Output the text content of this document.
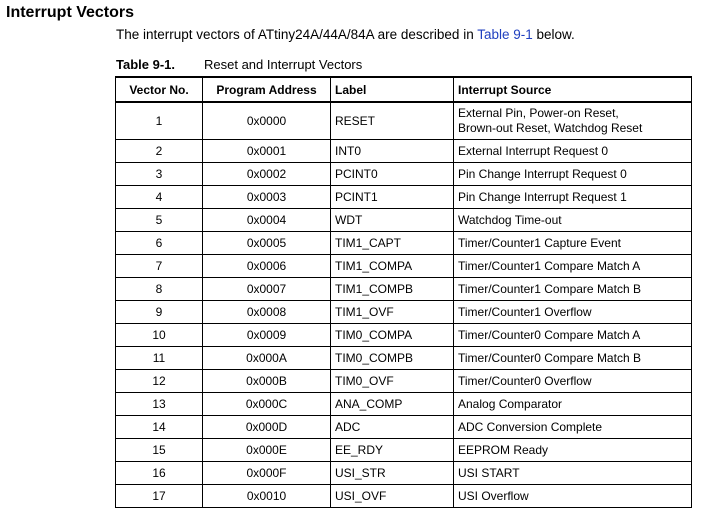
Interrupt Vectors
The interrupt vectors of ATtiny24A/44A/84A are described in Table 9-1 below.
Table 9-1. Reset and Interrupt Vectors
Vector No.	Program Address	Label	Interrupt Source
1	0x0000	RESET	External Pin, Power-on Reset,
Brown-out Reset, Watchdog Reset

2	0x0001	INT0	External Interrupt Request 0

3	0x0002	PCINT0	Pin Change Interrupt Request 0

4	0x0003	PCINT1	Pin Change Interrupt Request 1

5	0x0004	WDT	Watchdog Time-out

6	0x0005	TIM1_CAPT	Timer/Counter1 Capture Event

7	0x0006	TIM1_COMPA	Timer/Counter1 Compare Match A

8	0x0007	TIM1_COMPB	Timer/Counter1 Compare Match B

9	0x0008	TIM1_OVF	Timer/Counter1 Overflow

10	0x0009	TIM0_COMPA	Timer/Counter0 Compare Match A

11	0x000A	TIM0_COMPB	Timer/Counter0 Compare Match B

12	0x000B	TIM0_OVF	Timer/Counter0 Overflow

13	0x000C	ANA_COMP	Analog Comparator

14	0x000D	ADC	ADC Conversion Complete

15	0x000E	EE_RDY	EEPROM Ready

16	0x000F	USI_STR	USI START

17	0x0010	USI_OVF	USI Overflow
